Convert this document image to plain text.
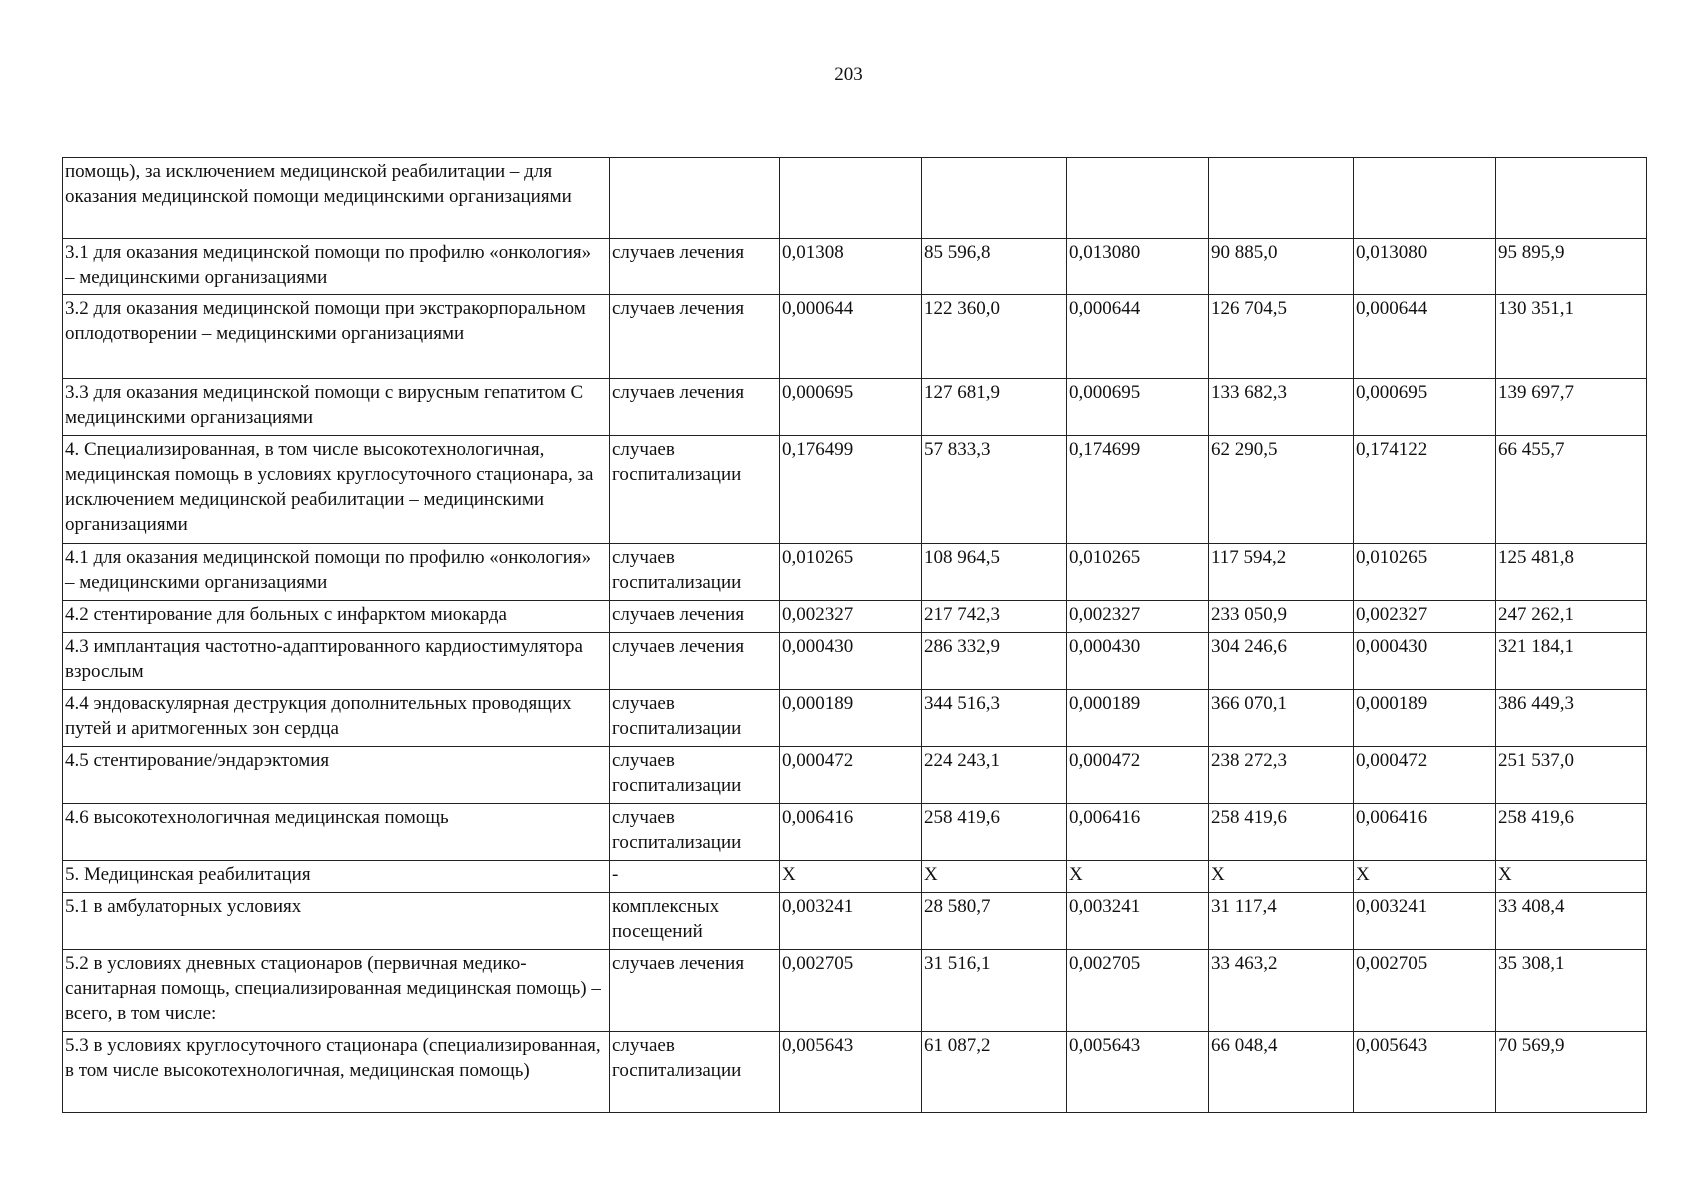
203
помощь), за исключением медицинской реабилитации – для оказания медицинской помощи медицинскими организациями							
3.1 для оказания медицинской помощи по профилю «онкология» – медицинскими организациями	случаев лечения	0,01308	85 596,8	0,013080	90 885,0	0,013080	95 895,9
3.2 для оказания медицинской помощи при экстракорпоральном оплодотворении – медицинскими организациями	случаев лечения	0,000644	122 360,0	0,000644	126 704,5	0,000644	130 351,1
3.3 для оказания медицинской помощи с вирусным гепатитом С медицинскими организациями	случаев лечения	0,000695	127 681,9	0,000695	133 682,3	0,000695	139 697,7
4. Специализированная, в том числе высокотехнологичная, медицинская помощь в условиях круглосуточного стационара, за исключением медицинской реабилитации – медицинскими организациями	случаев госпитализации	0,176499	57 833,3	0,174699	62 290,5	0,174122	66 455,7
4.1 для оказания медицинской помощи по профилю «онкология» – медицинскими организациями	случаев госпитализации	0,010265	108 964,5	0,010265	117 594,2	0,010265	125 481,8
4.2 стентирование для больных с инфарктом миокарда	случаев лечения	0,002327	217 742,3	0,002327	233 050,9	0,002327	247 262,1
4.3 имплантация частотно-адаптированного кардиостимулятора взрослым	случаев лечения	0,000430	286 332,9	0,000430	304 246,6	0,000430	321 184,1
4.4 эндоваскулярная деструкция дополнительных проводящих путей и аритмогенных зон сердца	случаев госпитализации	0,000189	344 516,3	0,000189	366 070,1	0,000189	386 449,3
4.5 стентирование/эндарэктомия	случаев госпитализации	0,000472	224 243,1	0,000472	238 272,3	0,000472	251 537,0
4.6 высокотехнологичная медицинская помощь	случаев госпитализации	0,006416	258 419,6	0,006416	258 419,6	0,006416	258 419,6
5. Медицинская реабилитация	-	X	X	X	X	X	X
5.1 в амбулаторных условиях	комплексных посещений	0,003241	28 580,7	0,003241	31 117,4	0,003241	33 408,4
5.2 в условиях дневных стационаров (первичная медико-санитарная помощь, специализированная медицинская помощь) – всего, в том числе:	случаев лечения	0,002705	31 516,1	0,002705	33 463,2	0,002705	35 308,1
5.3 в условиях круглосуточного стационара (специализированная, в том числе высокотехнологичная, медицинская помощь)	случаев госпитализации	0,005643	61 087,2	0,005643	66 048,4	0,005643	70 569,9
